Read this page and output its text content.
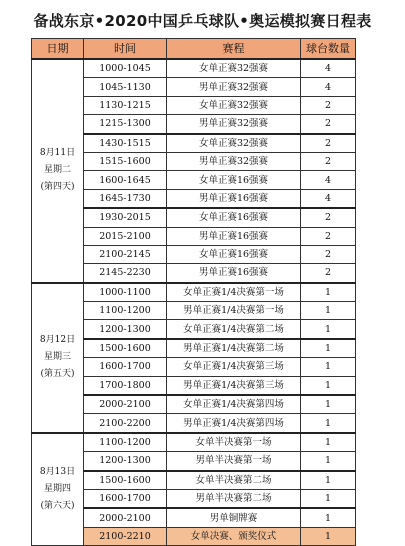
备战东京•2020中国乒乓球队•奥运模拟赛日程表
日期	时间	赛程	球台数量

8月11日
星期二
(第四天)	1000-1045	女单正赛32强赛	4
	1045-1130	男单正赛32强赛	4
	1130-1215	女单正赛32强赛	2
	1215-1300	男单正赛32强赛	2
	1430-1515	女单正赛32强赛	2
	1515-1600	男单正赛32强赛	2
	1600-1645	女单正赛16强赛	4
	1645-1730	男单正赛16强赛	4
	1930-2015	女单正赛16强赛	2
	2015-2100	男单正赛16强赛	2
	2100-2145	女单正赛16强赛	2
	2145-2230	男单正赛16强赛	2

8月12日
星期三
(第五天)	1000-1100	女单正赛1/4决赛第一场	1
	1100-1200	男单正赛1/4决赛第一场	1
	1200-1300	女单正赛1/4决赛第二场	1
	1500-1600	男单正赛1/4决赛第二场	1
	1600-1700	女单正赛1/4决赛第三场	1
	1700-1800	男单正赛1/4决赛第三场	1
	2000-2100	女单正赛1/4决赛第四场	1
	2100-2200	男单正赛1/4决赛第四场	1

8月13日
星期四
(第六天)	1100-1200	女单半决赛第一场	1
	1200-1300	男单半决赛第一场	1
	1500-1600	女单半决赛第二场	1
	1600-1700	男单半决赛第二场	1
	2000-2100	男单铜牌赛	1
	2100-2210	女单决赛、颁奖仪式	1
